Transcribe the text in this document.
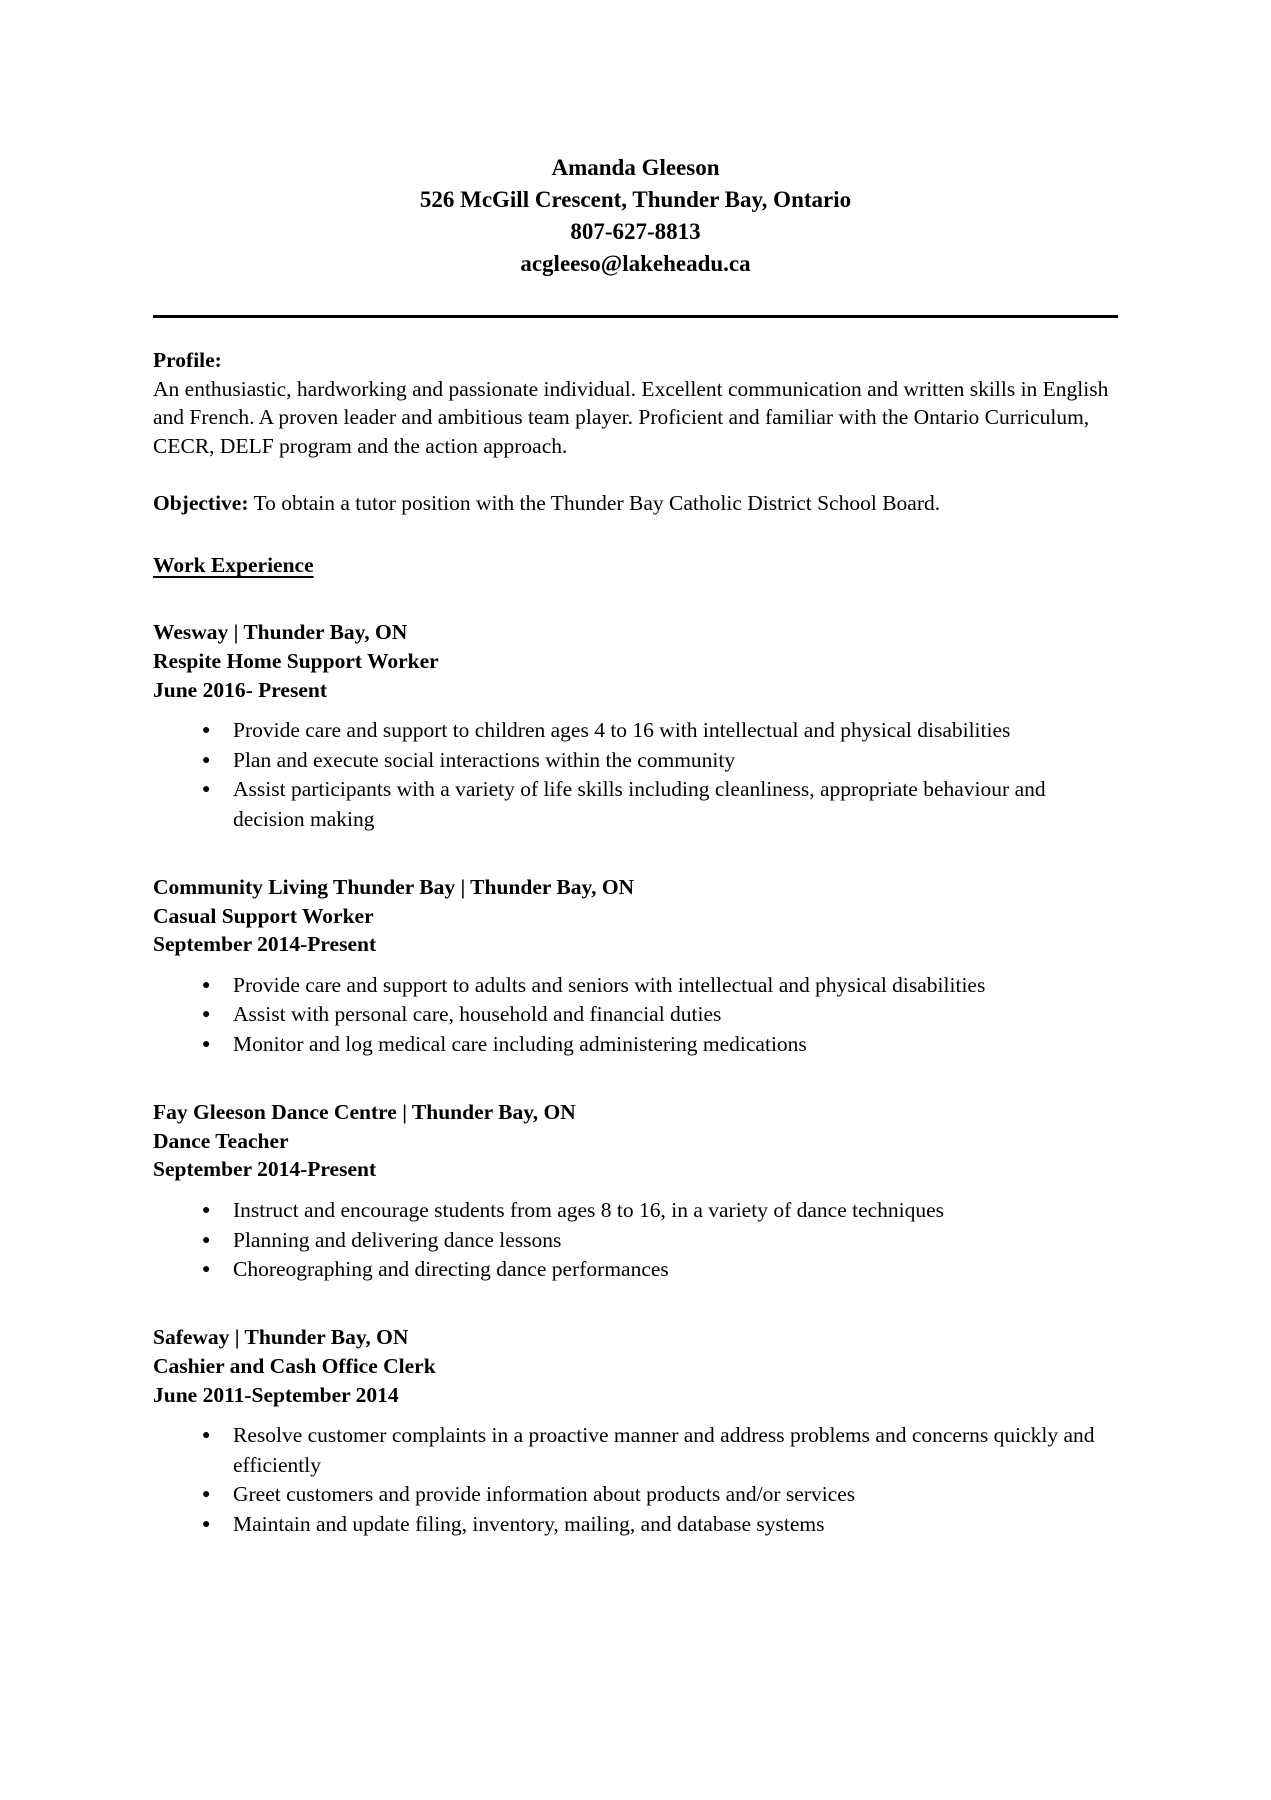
Amanda Gleeson
526 McGill Crescent, Thunder Bay, Ontario
807-627-8813
acgleeso@lakeheadu.ca
Profile:
An enthusiastic, hardworking and passionate individual. Excellent communication and written skills in English and French. A proven leader and ambitious team player. Proficient and familiar with the Ontario Curriculum, CECR, DELF program and the action approach.
Objective: To obtain a tutor position with the Thunder Bay Catholic District School Board.
Work Experience
Wesway | Thunder Bay, ON
Respite Home Support Worker
June 2016- Present
● Provide care and support to children ages 4 to 16 with intellectual and physical disabilities
● Plan and execute social interactions within the community
● Assist participants with a variety of life skills including cleanliness, appropriate behaviour and decision making
Community Living Thunder Bay | Thunder Bay, ON
Casual Support Worker
September 2014-Present
● Provide care and support to adults and seniors with intellectual and physical disabilities
● Assist with personal care, household and financial duties
● Monitor and log medical care including administering medications
Fay Gleeson Dance Centre | Thunder Bay, ON
Dance Teacher
September 2014-Present
● Instruct and encourage students from ages 8 to 16, in a variety of dance techniques
● Planning and delivering dance lessons
● Choreographing and directing dance performances
Safeway | Thunder Bay, ON
Cashier and Cash Office Clerk
June 2011-September 2014
● Resolve customer complaints in a proactive manner and address problems and concerns quickly and efficiently
● Greet customers and provide information about products and/or services
● Maintain and update filing, inventory, mailing, and database systems
